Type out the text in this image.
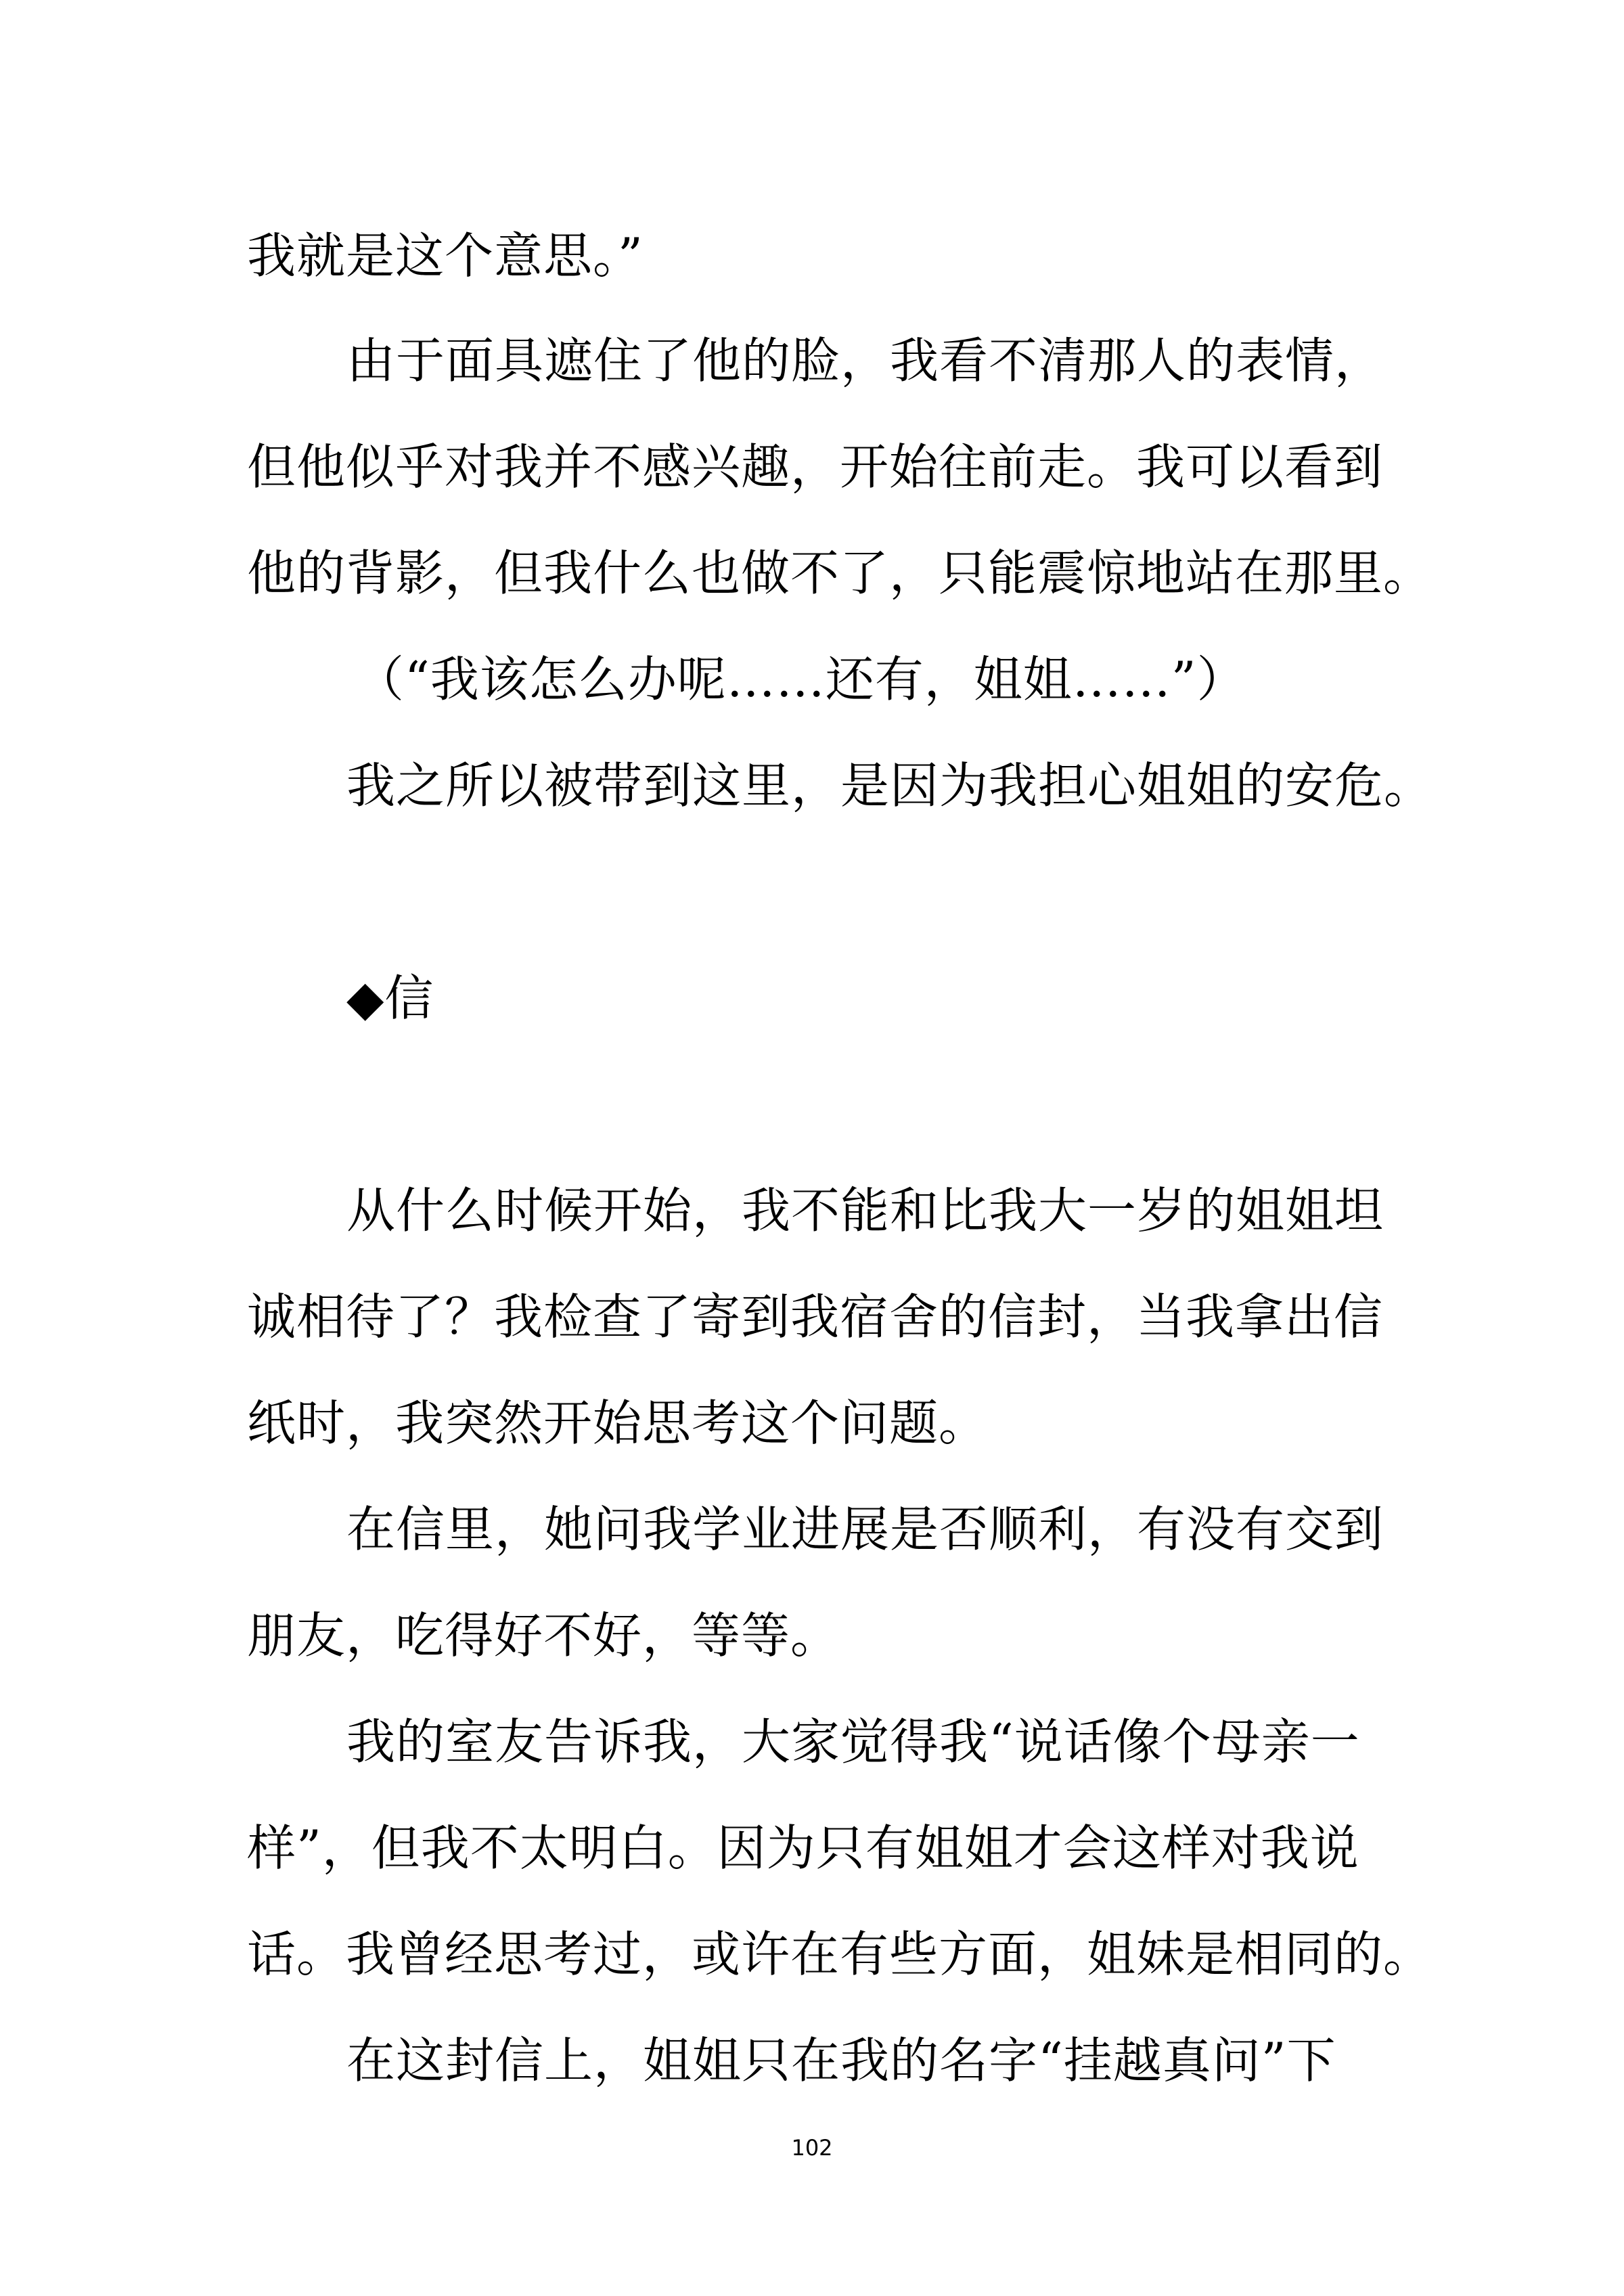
我就是这个意思。”
由于面具遮住了他的脸，我看不清那人的表情，
但他似乎对我并不感兴趣，开始往前走。我可以看到
他的背影，但我什么也做不了，只能震惊地站在那里。
（“我该怎么办呢……还有，姐姐……”）
我之所以被带到这里，是因为我担心姐姐的安危。
◆信
从什么时候开始，我不能和比我大一岁的姐姐坦
诚相待了？我检查了寄到我宿舍的信封，当我拿出信
纸时，我突然开始思考这个问题。
在信里，她问我学业进展是否顺利，有没有交到
朋友，吃得好不好，等等。
我的室友告诉我，大家觉得我“说话像个母亲一
样”，但我不太明白。因为只有姐姐才会这样对我说
话。我曾经思考过，或许在有些方面，姐妹是相同的。
在这封信上，姐姐只在我的名字“挂越真问”下
102
